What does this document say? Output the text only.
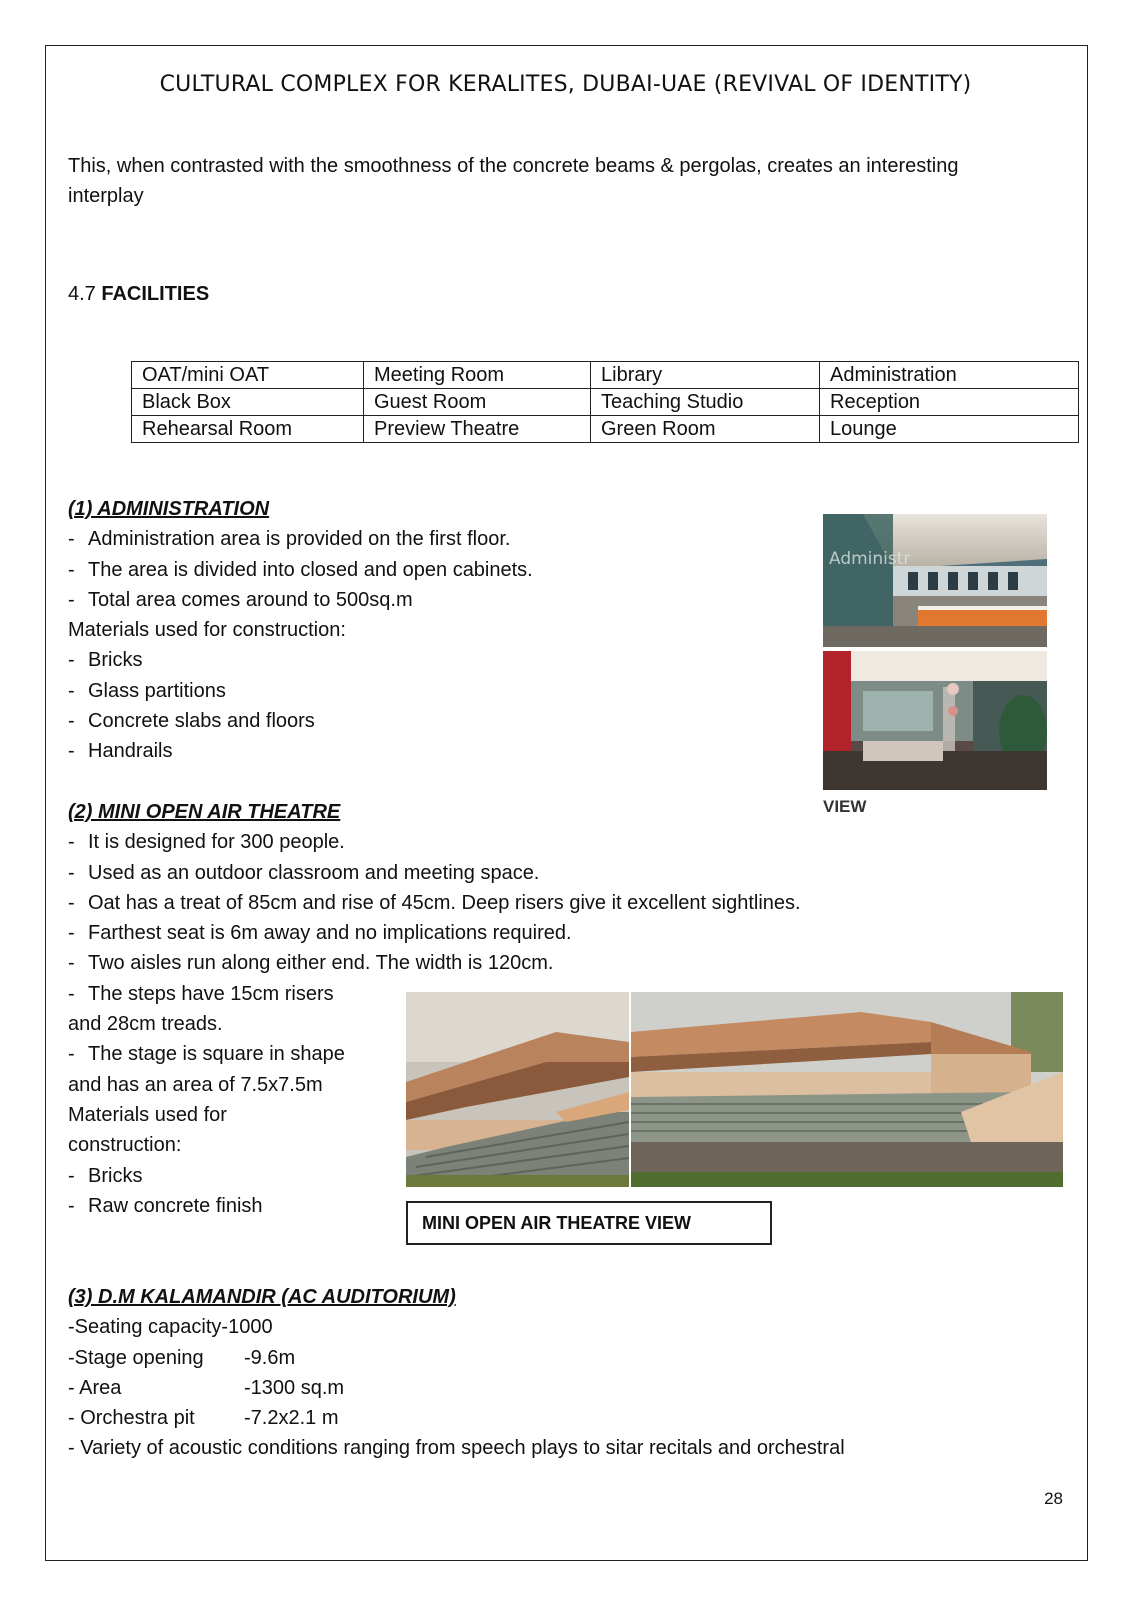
CULTURAL COMPLEX FOR KERALITES, DUBAI-UAE (REVIVAL OF IDENTITY)
This, when contrasted with the smoothness of the concrete beams & pergolas, creates an interesting interplay
4.7 FACILITIES
OAT/mini OAT	Meeting Room	Library	Administration
Black Box	Guest Room	Teaching Studio	Reception
Rehearsal Room	Preview Theatre	Green Room	Lounge
(1) ADMINISTRATION
- Administration area is provided on the first floor.
- The area is divided into closed and open cabinets.
- Total area comes around to 500sq.m
Materials used for construction:
- Bricks
- Glass partitions
- Concrete slabs and floors
- Handrails
Administr
VIEW
(2) MINI OPEN AIR THEATRE
- It is designed for 300 people.
- Used as an outdoor classroom and meeting space.
- Oat has a treat of 85cm and rise of 45cm. Deep risers give it excellent sightlines.
- Farthest seat is 6m away and no implications required.
- Two aisles run along either end. The width is 120cm.
- The steps have 15cm risers
and 28cm treads.
- The stage is square in shape
and has an area of 7.5x7.5m
Materials used for
construction:
- Bricks
- Raw concrete finish
MINI OPEN AIR THEATRE VIEW
(3) D.M KALAMANDIR (AC AUDITORIUM)
-Seating capacity-1000
-Stage opening -9.6m
- Area	-1300 sq.m
- Orchestra pit -7.2x2.1 m
- Variety of acoustic conditions ranging from speech plays to sitar recitals and orchestral
28
